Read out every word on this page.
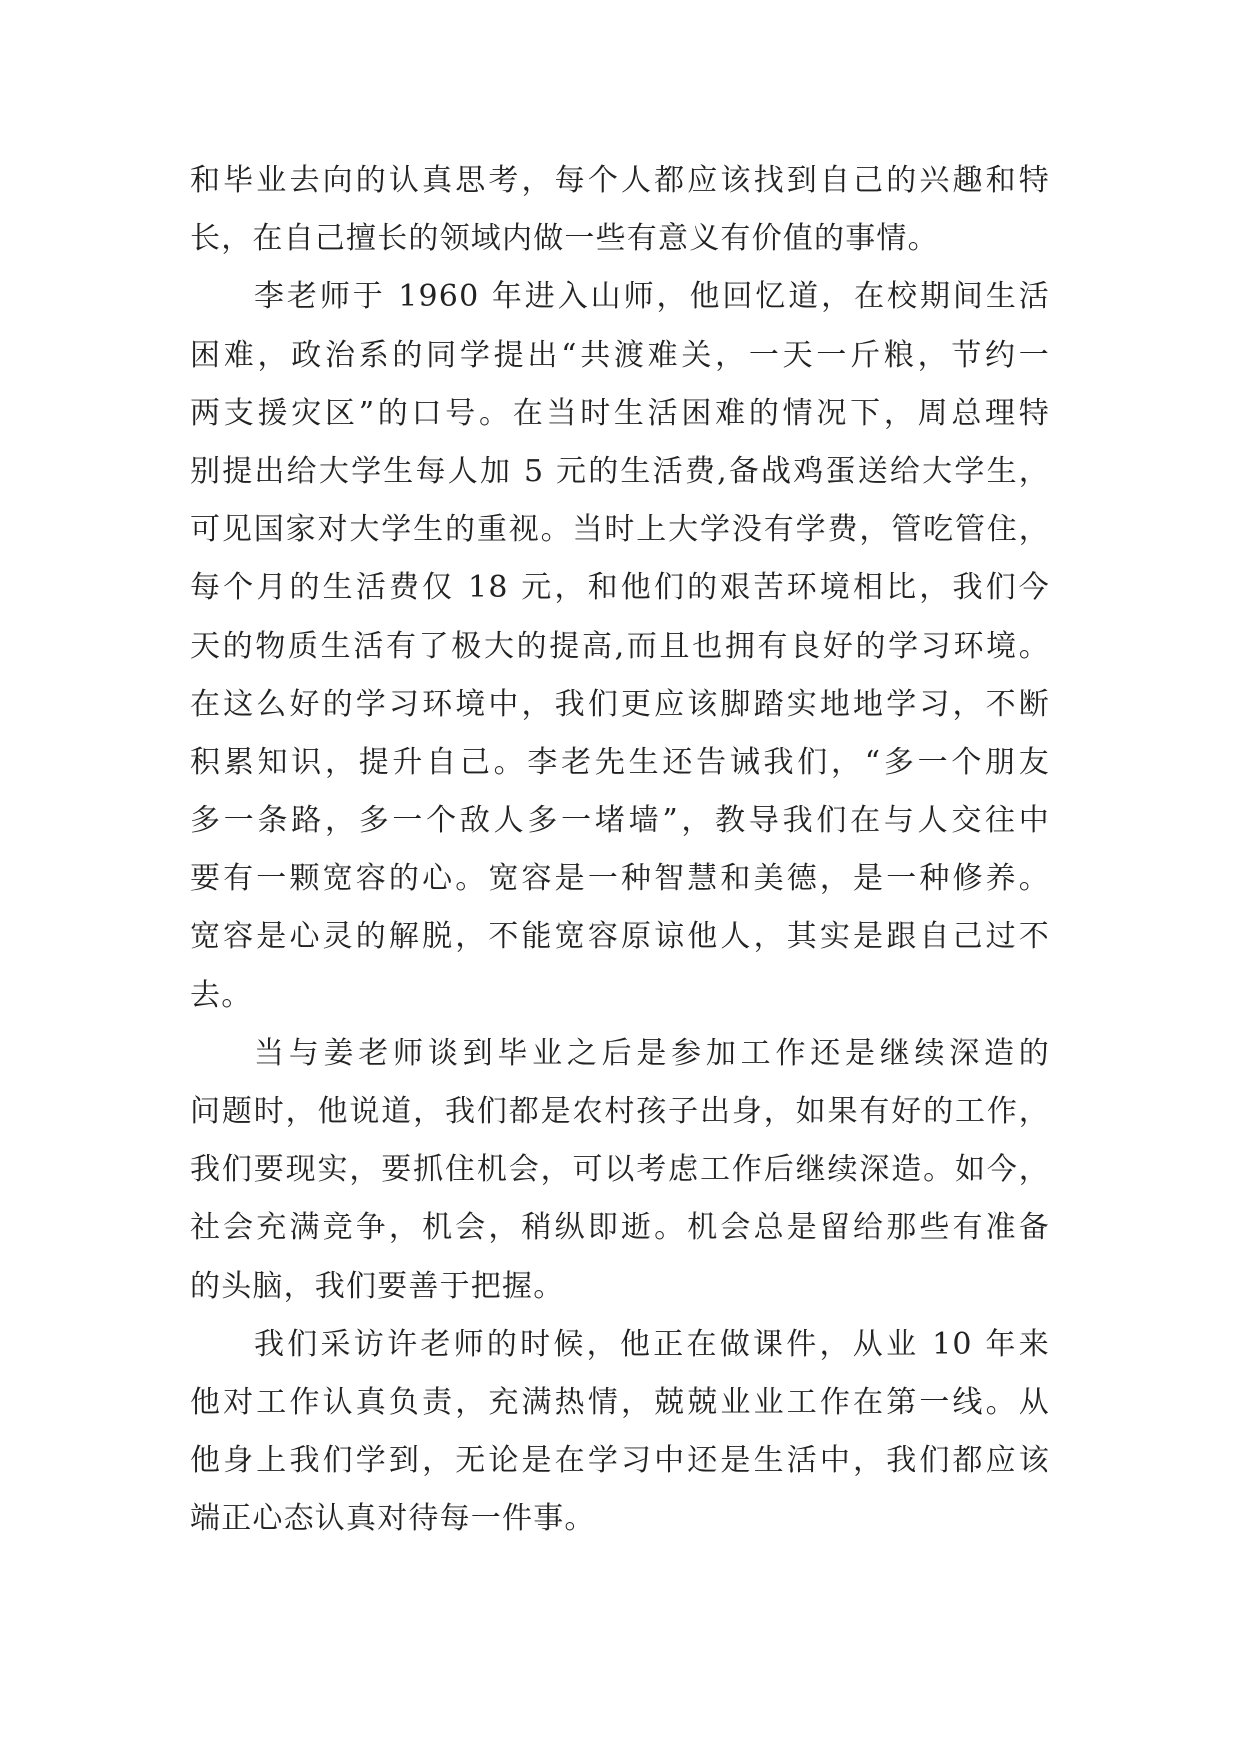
和毕业去向的认真思考，每个人都应该找到自己的兴趣和特
长，在自己擅长的领域内做一些有意义有价值的事情。
李老师于 1960 年进入山师，他回忆道，在校期间生活
困难，政治系的同学提出“共渡难关，一天一斤粮，节约一
两支援灾区”的口号。在当时生活困难的情况下，周总理特
别提出给大学生每人加 5 元的生活费,备战鸡蛋送给大学生，
可见国家对大学生的重视。当时上大学没有学费，管吃管住，
每个月的生活费仅 18 元，和他们的艰苦环境相比，我们今
天的物质生活有了极大的提高,而且也拥有良好的学习环境。
在这么好的学习环境中，我们更应该脚踏实地地学习，不断
积累知识，提升自己。李老先生还告诫我们，“多一个朋友
多一条路，多一个敌人多一堵墙”，教导我们在与人交往中
要有一颗宽容的心。宽容是一种智慧和美德，是一种修养。
宽容是心灵的解脱，不能宽容原谅他人，其实是跟自己过不
去。
当与姜老师谈到毕业之后是参加工作还是继续深造的
问题时，他说道，我们都是农村孩子出身，如果有好的工作，
我们要现实，要抓住机会，可以考虑工作后继续深造。如今，
社会充满竞争，机会，稍纵即逝。机会总是留给那些有准备
的头脑，我们要善于把握。
我们采访许老师的时候，他正在做课件，从业 10 年来
他对工作认真负责，充满热情，兢兢业业工作在第一线。从
他身上我们学到，无论是在学习中还是生活中，我们都应该
端正心态认真对待每一件事。
